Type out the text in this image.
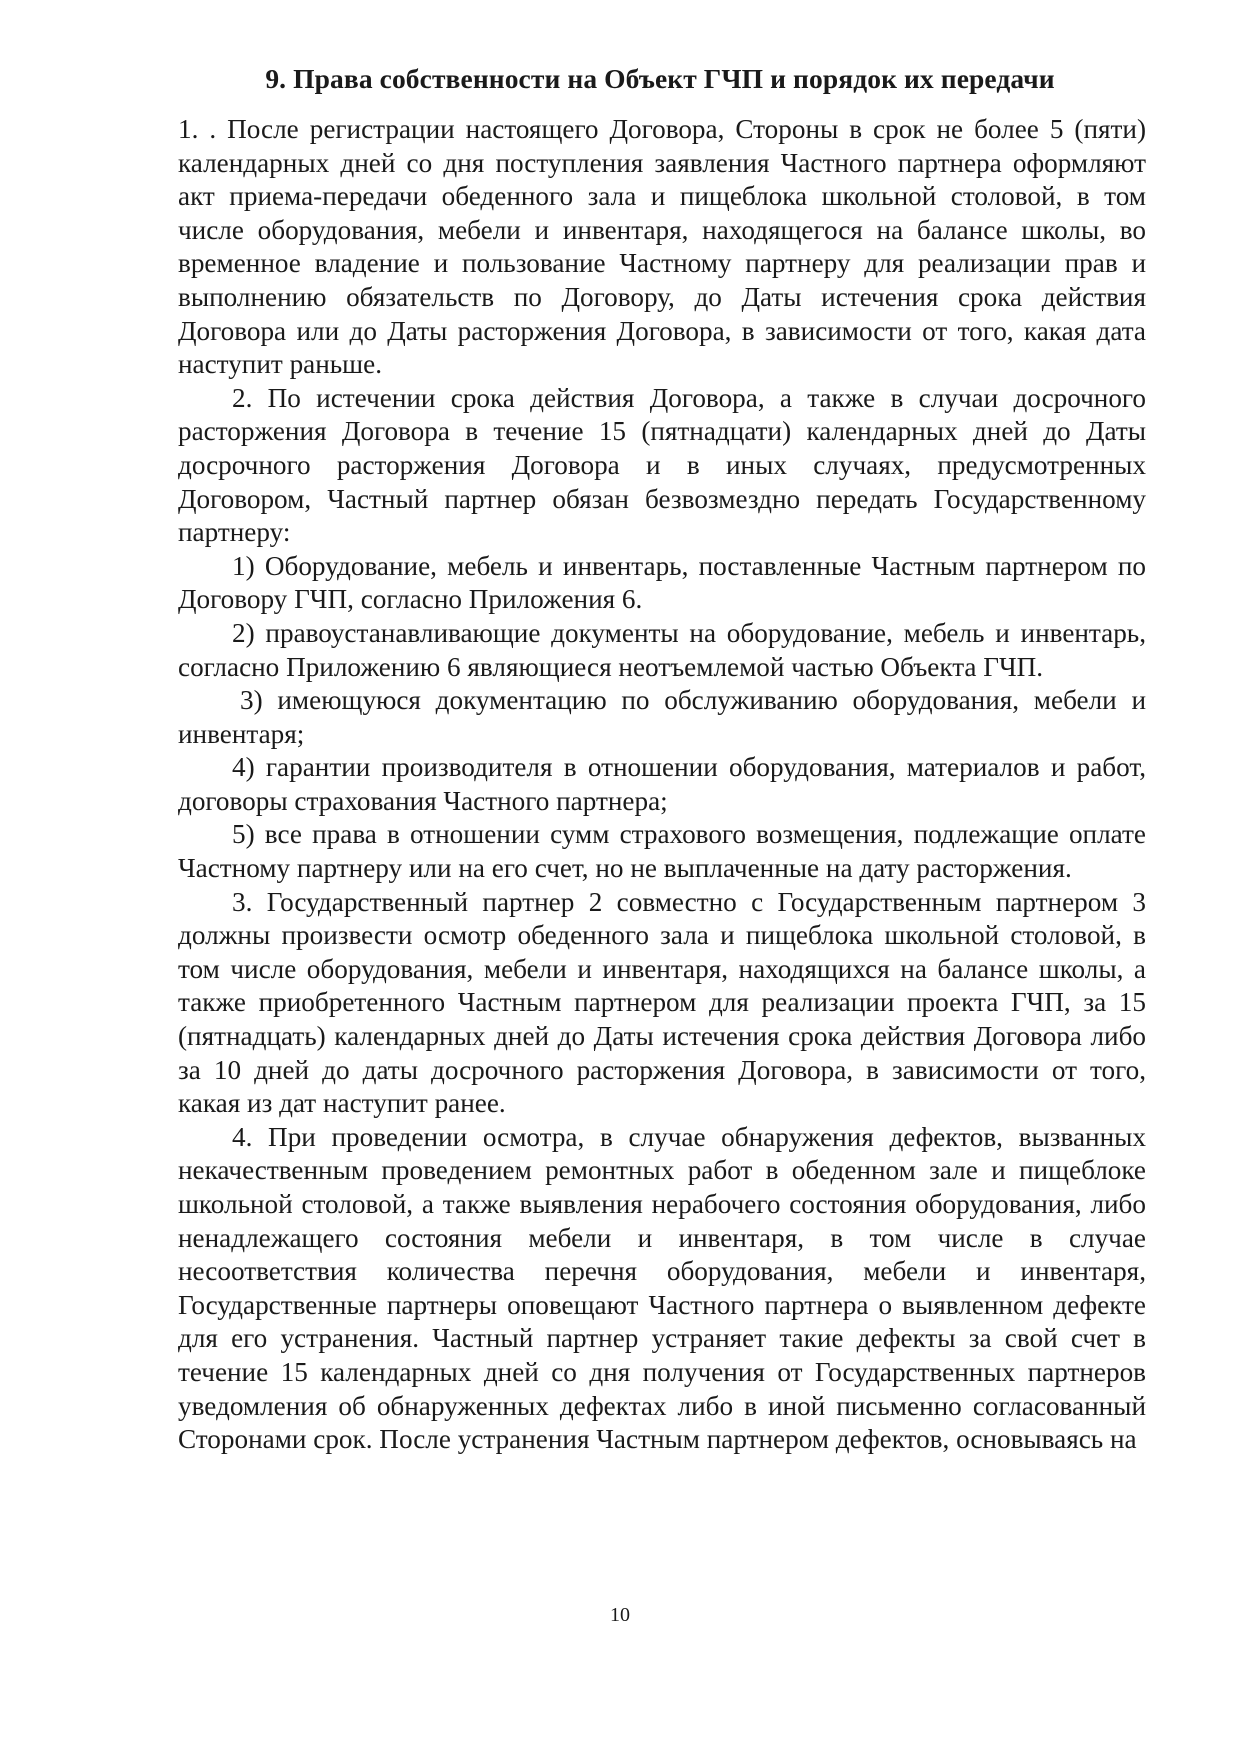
9. Права собственности на Объект ГЧП и порядок их передачи

1. . После регистрации настоящего Договора, Стороны в срок не более 5 (пяти) календарных дней со дня поступления заявления Частного партнера оформляют акт приема-передачи обеденного зала и пищеблока школьной столовой, в том числе оборудования, мебели и инвентаря, находящегося на балансе школы, во временное владение и пользование Частному партнеру для реализации прав и выполнению обязательств по Договору, до Даты истечения срока действия Договора или до Даты расторжения Договора, в зависимости от того, какая дата наступит раньше.

2. По истечении срока действия Договора, а также в случаи досрочного расторжения Договора в течение 15 (пятнадцати) календарных дней до Даты досрочного расторжения Договора и в иных случаях, предусмотренных Договором, Частный партнер обязан безвозмездно передать Государственному партнеру:

1) Оборудование, мебель и инвентарь, поставленные Частным партнером по Договору ГЧП, согласно Приложения 6.

2) правоустанавливающие документы на оборудование, мебель и инвентарь, согласно Приложению 6 являющиеся неотъемлемой частью Объекта ГЧП.

3) имеющуюся документацию по обслуживанию оборудования, мебели и инвентаря;

4) гарантии производителя в отношении оборудования, материалов и работ, договоры страхования Частного партнера;

5) все права в отношении сумм страхового возмещения, подлежащие оплате Частному партнеру или на его счет, но не выплаченные на дату расторжения.

3. Государственный партнер 2 совместно с Государственным партнером 3 должны произвести осмотр обеденного зала и пищеблока школьной столовой, в том числе оборудования, мебели и инвентаря, находящихся на балансе школы, а также приобретенного Частным партнером для реализации проекта ГЧП, за 15 (пятнадцать) календарных дней до Даты истечения срока действия Договора либо за 10 дней до даты досрочного расторжения Договора, в зависимости от того, какая из дат наступит ранее.

4. При проведении осмотра, в случае обнаружения дефектов, вызванных некачественным проведением ремонтных работ в обеденном зале и пищеблоке школьной столовой, а также выявления нерабочего состояния оборудования, либо ненадлежащего состояния мебели и инвентаря, в том числе в случае несоответствия количества перечня оборудования, мебели и инвентаря, Государственные партнеры оповещают Частного партнера о выявленном дефекте для его устранения. Частный партнер устраняет такие дефекты за свой счет в течение 15 календарных дней со дня получения от Государственных партнеров уведомления об обнаруженных дефектах либо в иной письменно согласованный Сторонами срок. После устранения Частным партнером дефектов, основываясь на

10
